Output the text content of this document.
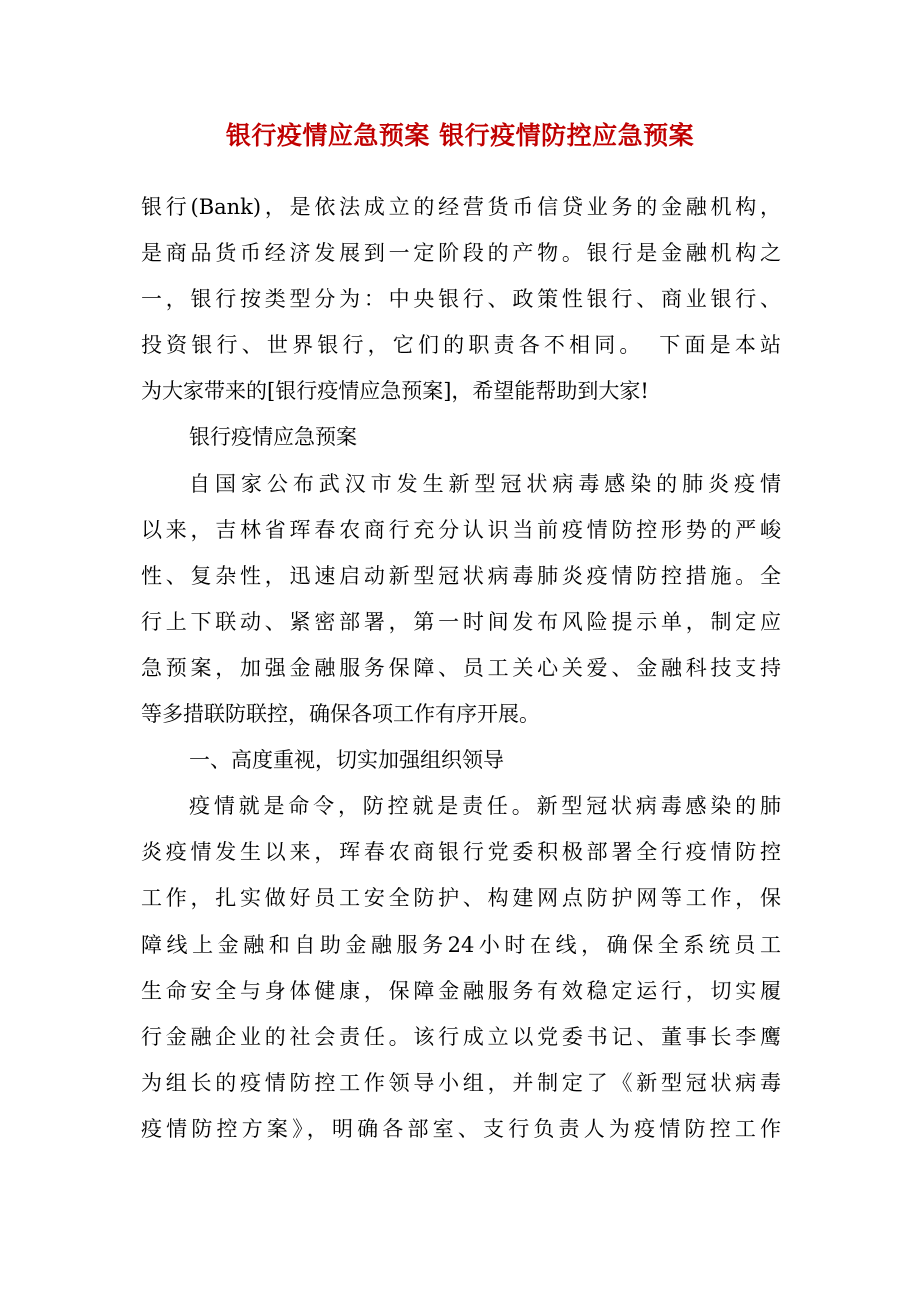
银行疫情应急预案 银行疫情防控应急预案
银行(Bank)，是依法成立的经营货币信贷业务的金融机构，
是商品货币经济发展到一定阶段的产物。银行是金融机构之
一，银行按类型分为：中央银行、政策性银行、商业银行、
投资银行、世界银行，它们的职责各不相同。　下面是本站
为大家带来的[银行疫情应急预案]，希望能帮助到大家!
银行疫情应急预案
自国家公布武汉市发生新型冠状病毒感染的肺炎疫情
以来，吉林省珲春农商行充分认识当前疫情防控形势的严峻
性、复杂性，迅速启动新型冠状病毒肺炎疫情防控措施。全
行上下联动、紧密部署，第一时间发布风险提示单，制定应
急预案，加强金融服务保障、员工关心关爱、金融科技支持
等多措联防联控，确保各项工作有序开展。
一、高度重视，切实加强组织领导
疫情就是命令，防控就是责任。新型冠状病毒感染的肺
炎疫情发生以来，珲春农商银行党委积极部署全行疫情防控
工作，扎实做好员工安全防护、构建网点防护网等工作，保
障线上金融和自助金融服务24小时在线，确保全系统员工
生命安全与身体健康，保障金融服务有效稳定运行，切实履
行金融企业的社会责任。该行成立以党委书记、董事长李鹰
为组长的疫情防控工作领导小组，并制定了《新型冠状病毒
疫情防控方案》，明确各部室、支行负责人为疫情防控工作
